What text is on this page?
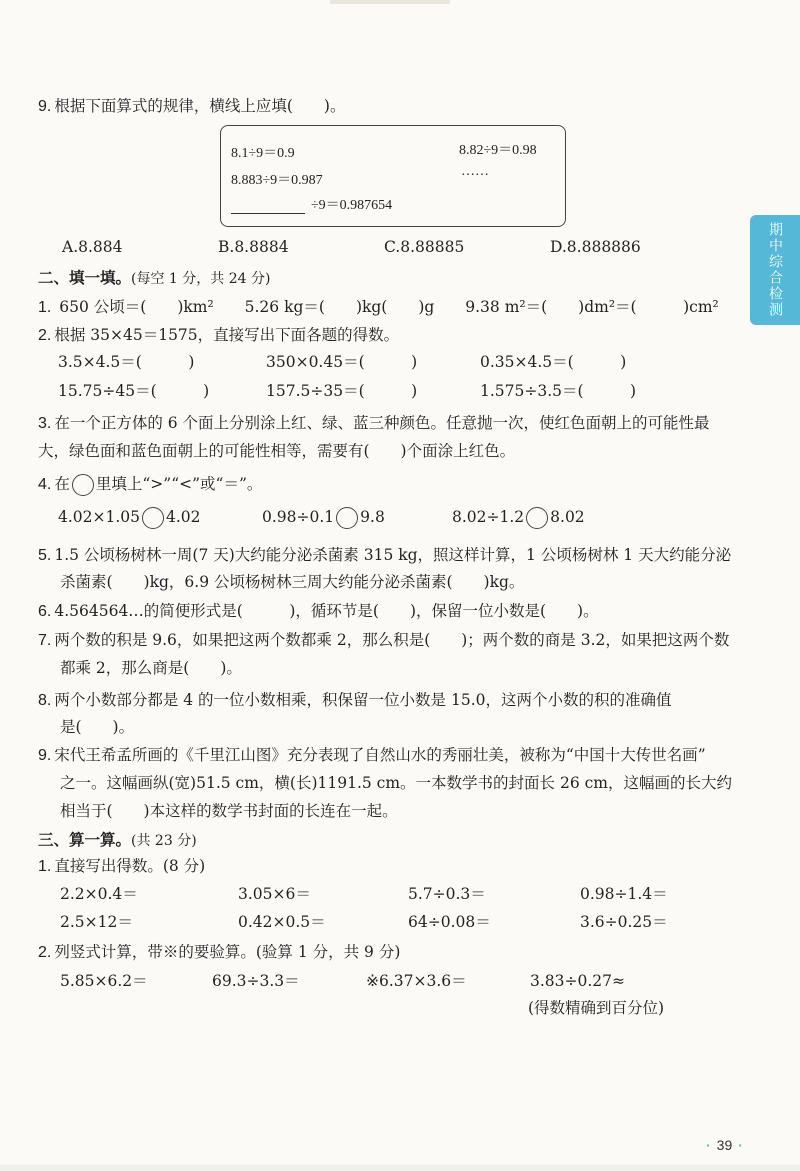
9. 根据下面算式的规律，横线上应填(　　)。
8.1÷9＝0.9	8.82÷9＝0.98
8.883÷9＝0.987
……
÷9＝0.987654
A.8.884	B.8.8884	C.8.88885	D.8.888886
二、填一填。(每空 1 分，共 24 分)
1. 650 公顷＝(　　)km² 5.26 kg＝(　　)kg(　　)g 9.38 m²＝(　　)dm²＝(　　　)cm²
2. 根据 35×45＝1575，直接写出下面各题的得数。
3.5×4.5＝(　　　)	350×0.45＝(　　　)	0.35×4.5＝(　　　)
15.75÷45＝(　　　)	157.5÷35＝(　　　)	1.575÷3.5＝(　　　)
3. 在一个正方体的 6 个面上分别涂上红、绿、蓝三种颜色。任意抛一次，使红色面朝上的可能性最
大，绿色面和蓝色面朝上的可能性相等，需要有(　　)个面涂上红色。
4. 在 里填上“>”“<”或“＝”。
4.02×1.05 4.02	0.98÷0.1 9.8	8.02÷1.2 8.02
5. 1.5 公顷杨树林一周(7 天)大约能分泌杀菌素 315 kg，照这样计算，1 公顷杨树林 1 天大约能分泌
杀菌素(　　)kg，6.9 公顷杨树林三周大约能分泌杀菌素(　　)kg。
6. 4.564564…的简便形式是(　　　)，循环节是(　　)，保留一位小数是(　　)。
7. 两个数的积是 9.6，如果把这两个数都乘 2，那么积是(　　)；两个数的商是 3.2，如果把这两个数
都乘 2，那么商是(　　)。
8. 两个小数部分都是 4 的一位小数相乘，积保留一位小数是 15.0，这两个小数的积的准确值
是(　　)。
9. 宋代王希孟所画的《千里江山图》充分表现了自然山水的秀丽壮美，被称为“中国十大传世名画”
之一。这幅画纵(宽)51.5 cm，横(长)1191.5 cm。一本数学书的封面长 26 cm，这幅画的长大约
相当于(　　)本这样的数学书封面的长连在一起。
三、算一算。(共 23 分)
1. 直接写出得数。(8 分)
2.2×0.4＝	3.05×6＝	5.7÷0.3＝	0.98÷1.4＝
2.5×12＝	0.42×0.5＝	64÷0.08＝	3.6÷0.25＝
2. 列竖式计算，带※的要验算。(验算 1 分，共 9 分)
5.85×6.2＝	69.3÷3.3＝	※6.37×3.6＝	3.83÷0.27≈
(得数精确到百分位)
期中综合检测
· 39 ·
